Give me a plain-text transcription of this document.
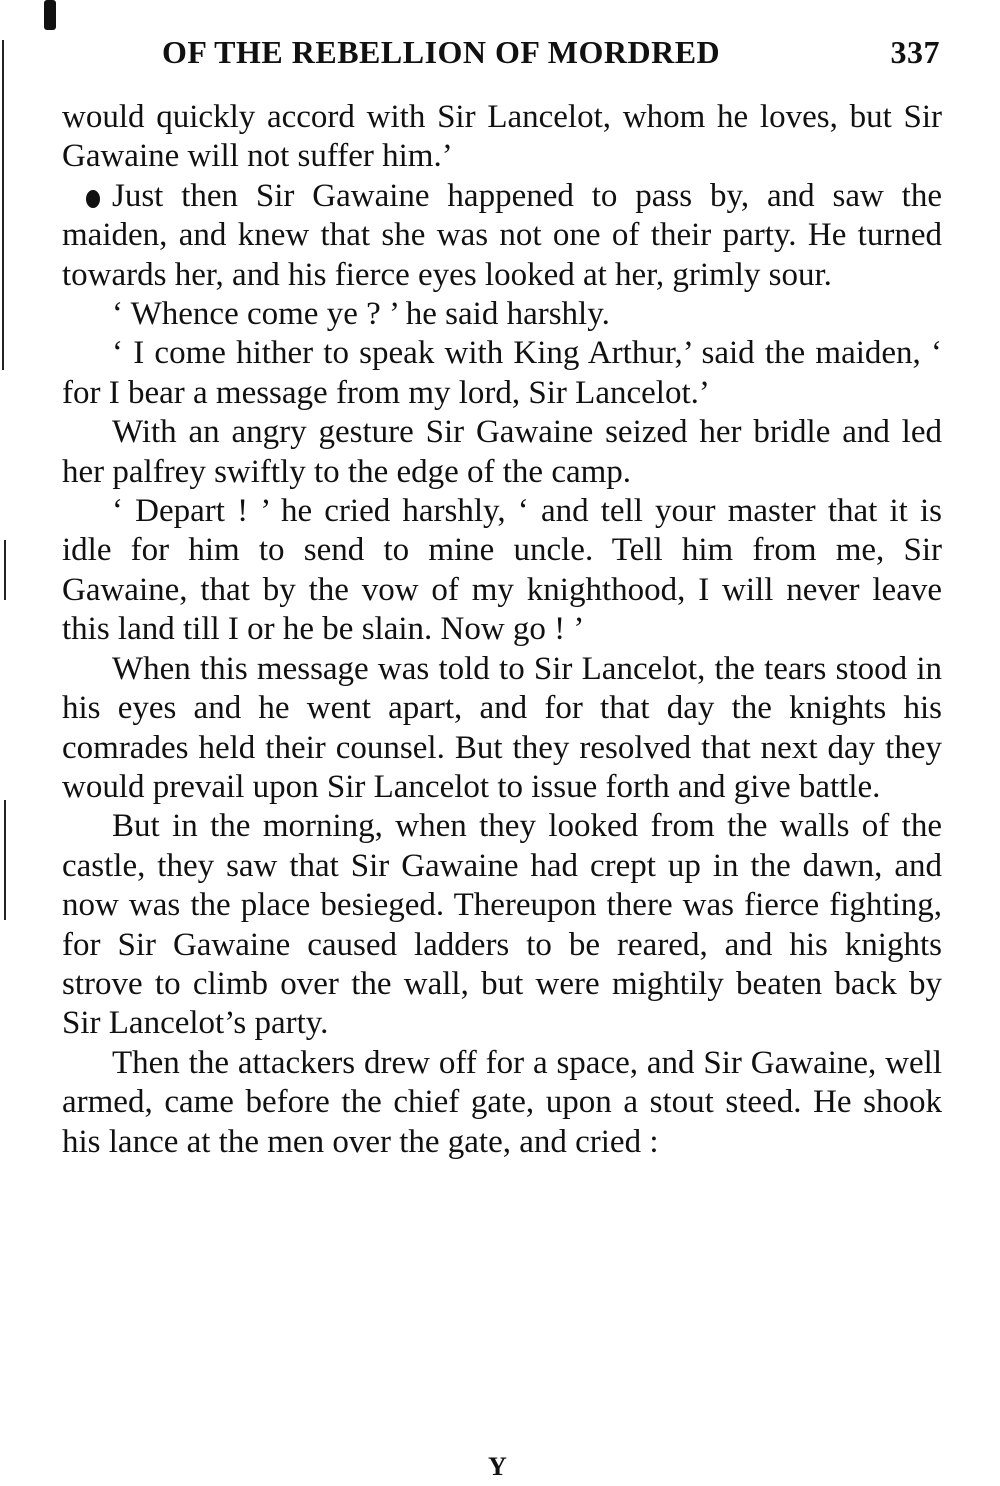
OF THE REBELLION OF MORDRED	337

would quickly accord with Sir Lancelot, whom he loves, but Sir Gawaine will not suffer him.’

Just then Sir Gawaine happened to pass by, and saw the maiden, and knew that she was not one of their party. He turned towards her, and his fierce eyes looked at her, grimly sour.

‘ Whence come ye ? ’ he said harshly.

‘ I come hither to speak with King Arthur,’ said the maiden, ‘ for I bear a message from my lord, Sir Lancelot.’

With an angry gesture Sir Gawaine seized her bridle and led her palfrey swiftly to the edge of the camp.

‘ Depart ! ’ he cried harshly, ‘ and tell your master that it is idle for him to send to mine uncle. Tell him from me, Sir Gawaine, that by the vow of my knighthood, I will never leave this land till I or he be slain. Now go ! ’

When this message was told to Sir Lancelot, the tears stood in his eyes and he went apart, and for that day the knights his comrades held their counsel. But they resolved that next day they would prevail upon Sir Lancelot to issue forth and give battle.

But in the morning, when they looked from the walls of the castle, they saw that Sir Gawaine had crept up in the dawn, and now was the place besieged. Thereupon there was fierce fighting, for Sir Gawaine caused ladders to be reared, and his knights strove to climb over the wall, but were mightily beaten back by Sir Lancelot’s party.

Then the attackers drew off for a space, and Sir Gawaine, well armed, came before the chief gate, upon a stout steed. He shook his lance at the men over the gate, and cried :

Y
